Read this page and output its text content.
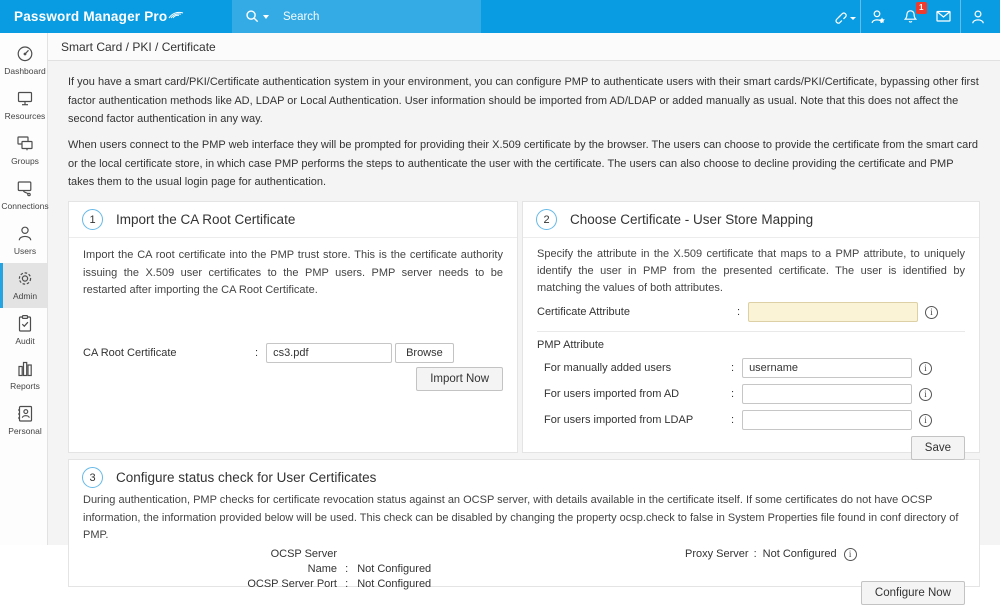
Password Manager Pro
Search
1
Dashboard
Resources
Groups
Connections
Users
Admin
Audit
Reports
Personal
Smart Card / PKI / Certificate

If you have a smart card/PKI/Certificate authentication system in your environment, you can configure PMP to authenticate users with their smart cards/PKI/Certificate, bypassing other first factor authentication methods like AD, LDAP or Local Authentication. User information should be imported from AD/LDAP or added manually as usual. Note that this does not affect the second factor authentication in any way.

When users connect to the PMP web interface they will be prompted for providing their X.509 certificate by the browser. The users can choose to provide the certificate from the smart card or the local certificate store, in which case PMP performs the steps to authenticate the user with the certificate. The users can also choose to decline providing the certificate and PMP takes them to the usual login page for authentication.

1	Import the CA Root Certificate
Import the CA root certificate into the PMP trust store. This is the certificate authority issuing the X.509 user certificates to the PMP users. PMP server needs to be restarted after importing the CA Root Certificate.
CA Root Certificate :
cs3.pdf	Browse
Import Now
2	Choose Certificate - User Store Mapping
Specify the attribute in the X.509 certificate that maps to a PMP attribute, to uniquely identify the user in PMP from the presented certificate. The user is identified by matching the values of both attributes.
Certificate Attribute
:
i
PMP Attribute
For manually added users
:
username
i
For users imported from AD
:
i
For users imported from LDAP
:
i
Save
3	Configure status check for User Certificates
During authentication, PMP checks for certificate revocation status against an OCSP server, with details available in the certificate itself. If some certificates do not have OCSP information, the information provided below will be used. This check can be disabled by changing the property ocsp.check to false in System Properties file found in conf directory of PMP.
OCSP Server Name : Not Configured
OCSP Server Port : Not Configured
Proxy Server : Not Configured
i
Configure Now
